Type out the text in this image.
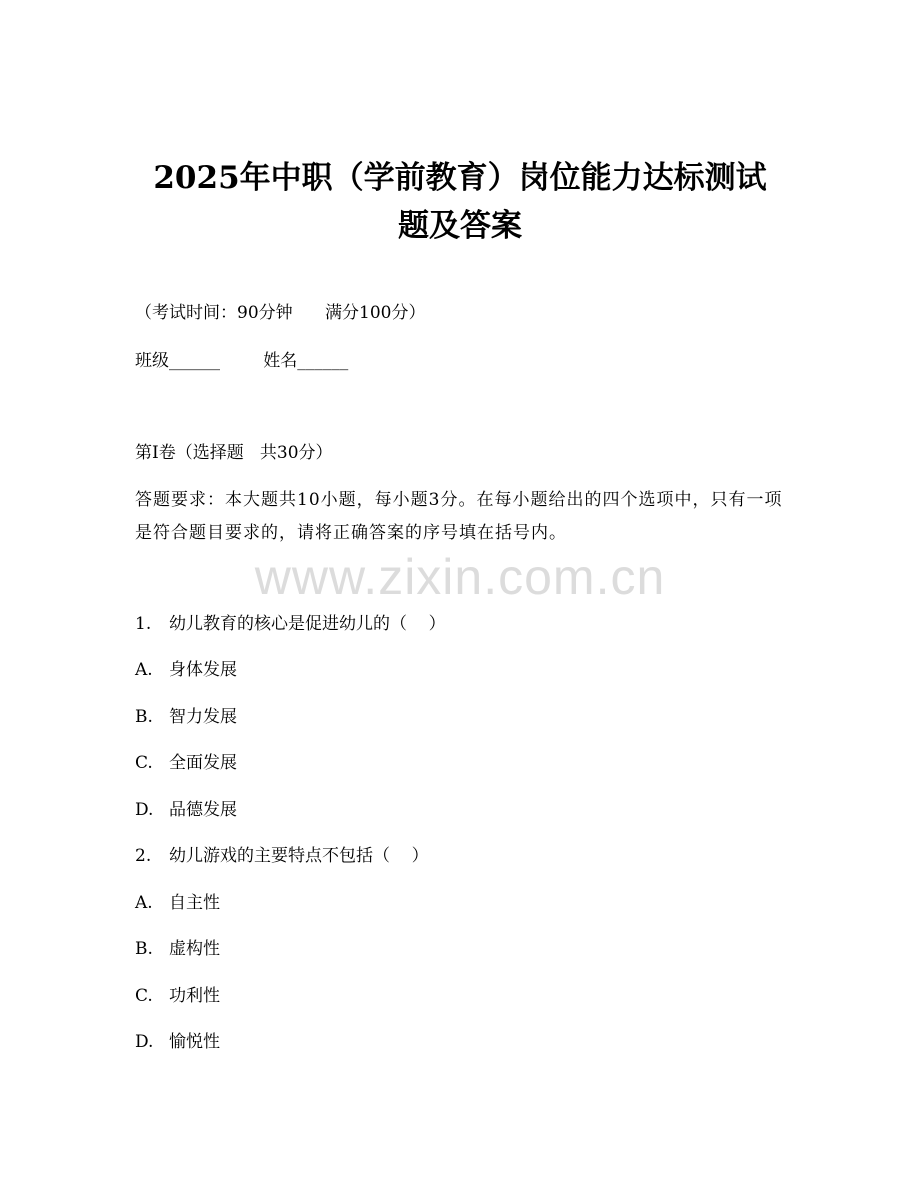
2025年中职（学前教育）岗位能力达标测试
题及答案

（考试时间：90分钟      满分100分）

班级______        姓名______

第I卷（选择题   共30分）

答题要求：本大题共10小题，每小题3分。在每小题给出的四个选项中，只有一项是符合题目要求的，请将正确答案的序号填在括号内。

www.zixin.com.cn

1. 幼儿教育的核心是促进幼儿的（    ）

A. 身体发展

B. 智力发展

C. 全面发展

D. 品德发展

2. 幼儿游戏的主要特点不包括（    ）

A. 自主性

B. 虚构性

C. 功利性

D. 愉悦性
